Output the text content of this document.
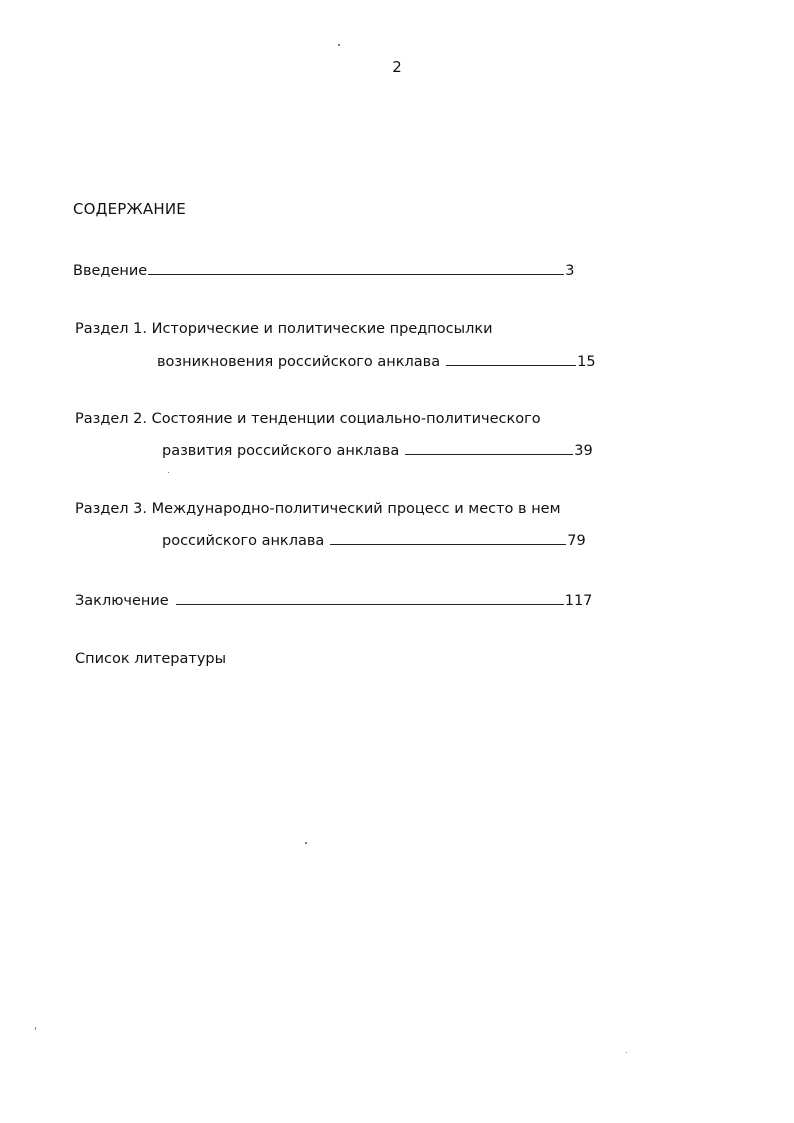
2
СОДЕРЖАНИЕ
Введение	3
Раздел 1. Исторические и политические предпосылки
возникновения российского анклава	15
Раздел 2. Состояние и тенденции социально-политического
развития российского анклава	39
Раздел 3. Международно-политический процесс и место в нем
российского анклава	79
Заключение	117
Список литературы
